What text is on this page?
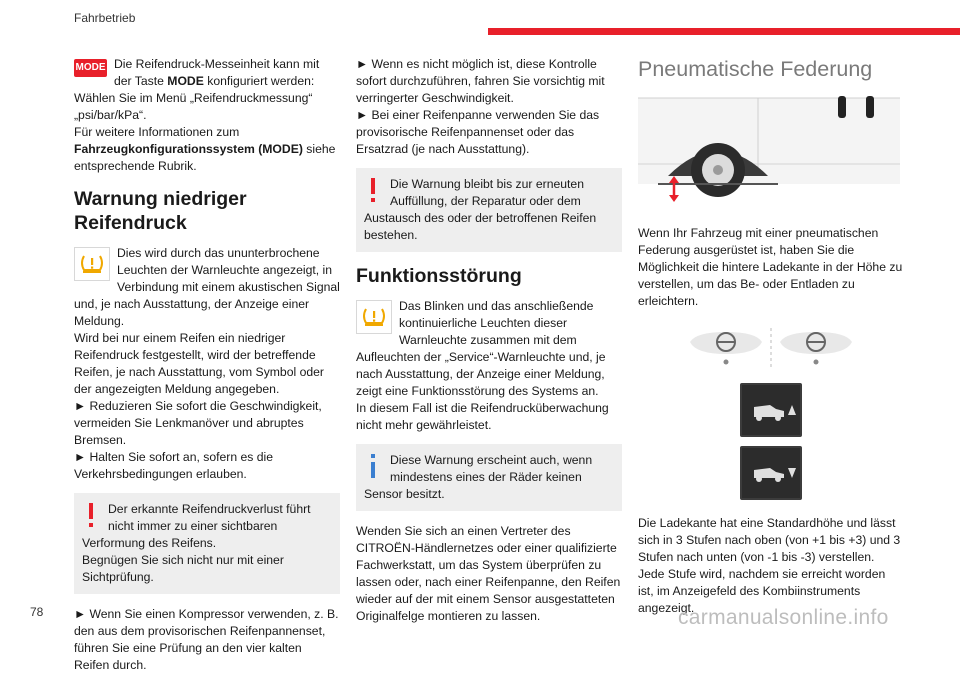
Fahrbetrieb
MODE Die Reifendruck-Messeinheit kann mit der Taste MODE konfiguriert werden: Wählen Sie im Menü „Reifendruckmessung“ „psi/bar/kPa“.

Für weitere Informationen zum Fahrzeugkonfigurationssystem (MODE) siehe entsprechende Rubrik.

Warnung niedriger Reifendruck

Dies wird durch das ununterbrochene Leuchten der Warnleuchte angezeigt, in Verbindung mit einem akustischen Signal und, je nach Ausstattung, der Anzeige einer Meldung.

Wird bei nur einem Reifen ein niedriger Reifendruck festgestellt, wird der betreffende Reifen, je nach Ausstattung, vom Symbol oder der angezeigten Meldung angegeben.

► Reduzieren Sie sofort die Geschwindigkeit, vermeiden Sie Lenkmanöver und abruptes Bremsen.

► Halten Sie sofort an, sofern es die Verkehrsbedingungen erlauben.

Der erkannte Reifendruckverlust führt nicht immer zu einer sichtbaren Verformung des Reifens.

Begnügen Sie sich nicht nur mit einer Sichtprüfung.

► Wenn Sie einen Kompressor verwenden, z. B. den aus dem provisorischen Reifenpannenset, führen Sie eine Prüfung an den vier kalten Reifen durch.

► Wenn es nicht möglich ist, diese Kontrolle sofort durchzuführen, fahren Sie vorsichtig mit verringerter Geschwindigkeit.

► Bei einer Reifenpanne verwenden Sie das provisorische Reifenpannenset oder das Ersatzrad (je nach Ausstattung).

Die Warnung bleibt bis zur erneuten Auffüllung, der Reparatur oder dem Austausch des oder der betroffenen Reifen bestehen.

Funktionsstörung

Das Blinken und das anschließende kontinuierliche Leuchten dieser Warnleuchte zusammen mit dem Aufleuchten der „Service“-Warnleuchte und, je nach Ausstattung, der Anzeige einer Meldung, zeigt eine Funktionsstörung des Systems an.

In diesem Fall ist die Reifendrucküberwachung nicht mehr gewährleistet.

Diese Warnung erscheint auch, wenn mindestens eines der Räder keinen Sensor besitzt.

Wenden Sie sich an einen Vertreter des CITROËN-Händlernetzes oder einer qualifizierte Fachwerkstatt, um das System überprüfen zu lassen oder, nach einer Reifenpanne, den Reifen wieder auf der mit einem Sensor ausgestatteten Originalfelge montieren zu lassen.

Pneumatische Federung

Wenn Ihr Fahrzeug mit einer pneumatischen Federung ausgerüstet ist, haben Sie die Möglichkeit die hintere Ladekante in der Höhe zu verstellen, um das Be- oder Entladen zu erleichtern.

Die Ladekante hat eine Standardhöhe und lässt sich in 3 Stufen nach oben (von +1 bis +3) und 3 Stufen nach unten (von -1 bis -3) verstellen. Jede Stufe wird, nachdem sie erreicht worden ist, im Anzeigefeld des Kombiinstruments angezeigt.

78	carmanualsonline.info
